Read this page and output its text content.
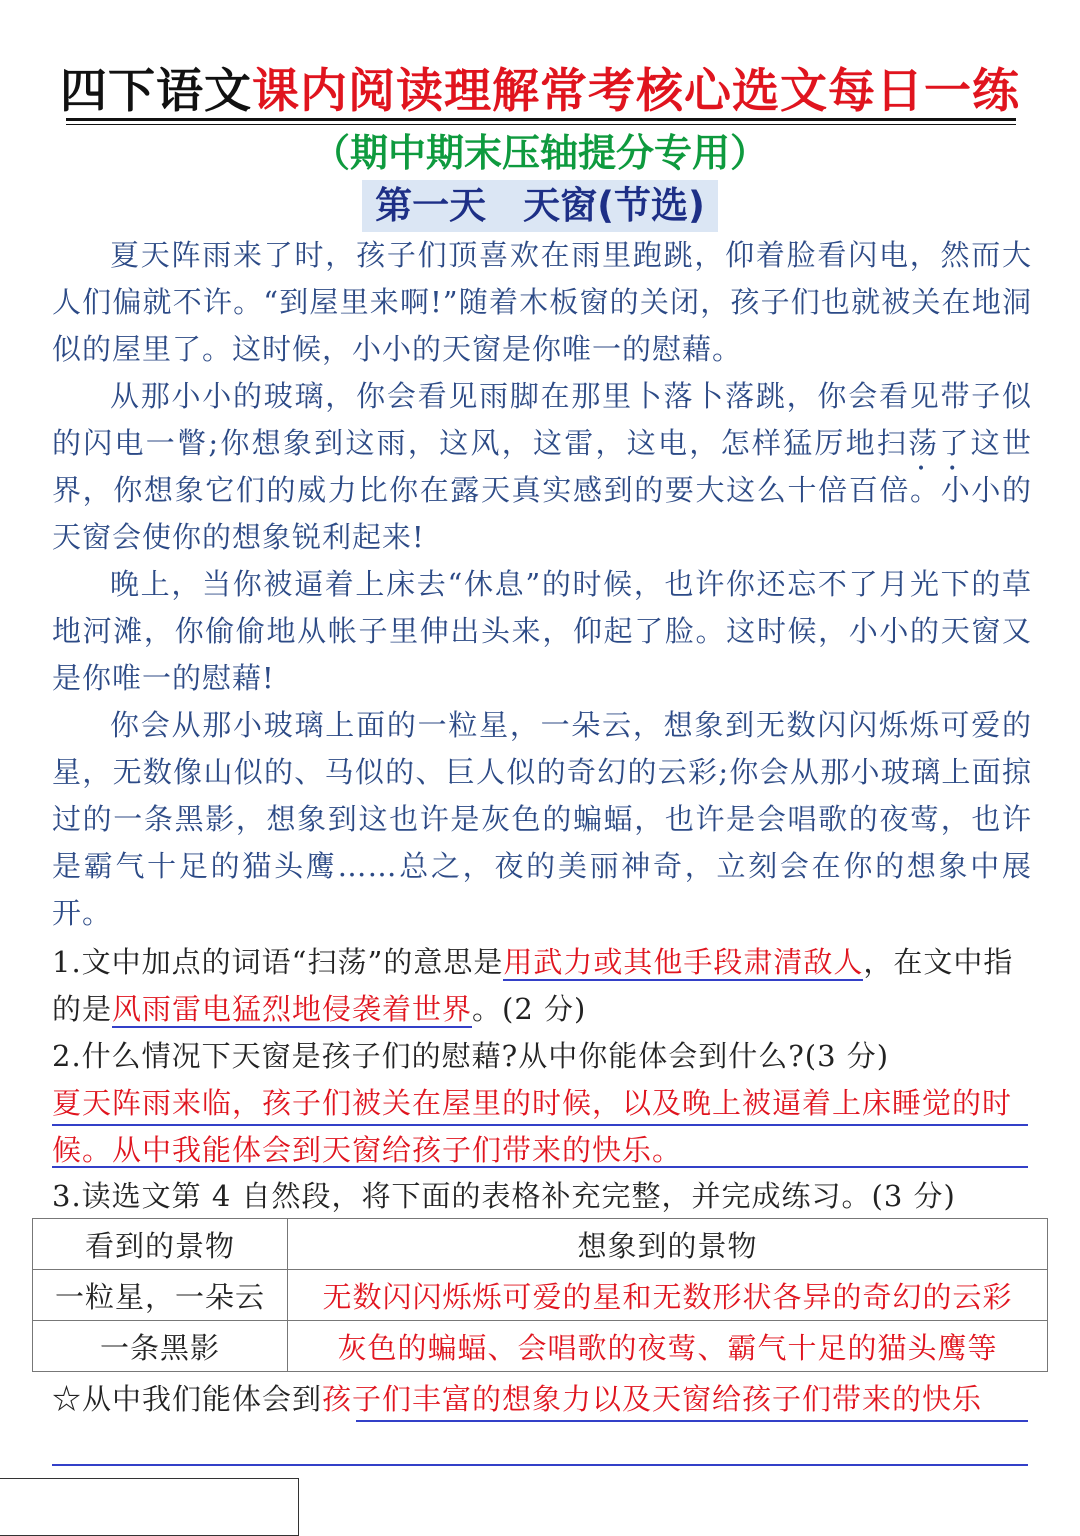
四下语文课内阅读理解常考核心选文每日一练
（期中期末压轴提分专用）
第一天　天窗(节选)

夏天阵雨来了时，孩子们顶喜欢在雨里跑跳，仰着脸看闪电，然而大人们偏就不许。“到屋里来啊!”随着木板窗的关闭，孩子们也就被关在地洞似的屋里了。这时候，小小的天窗是你唯一的慰藉。

从那小小的玻璃，你会看见雨脚在那里卜落卜落跳，你会看见带子似的闪电一瞥;你想象到这雨，这风，这雷，这电，怎样猛厉地扫荡了这世界，你想象它们的威力比你在露天真实感到的要大这么十倍百倍。小小的天窗会使你的想象锐利起来!

晚上，当你被逼着上床去“休息”的时候，也许你还忘不了月光下的草地河滩，你偷偷地从帐子里伸出头来，仰起了脸。这时候，小小的天窗又是你唯一的慰藉!

你会从那小玻璃上面的一粒星，一朵云，想象到无数闪闪烁烁可爱的星，无数像山似的、马似的、巨人似的奇幻的云彩;你会从那小玻璃上面掠过的一条黑影，想象到这也许是灰色的蝙蝠，也许是会唱歌的夜莺，也许是霸气十足的猫头鹰……总之，夜的美丽神奇，立刻会在你的想象中展开。

1.文中加点的词语“扫荡”的意思是用武力或其他手段肃清敌人，在文中指的是风雨雷电猛烈地侵袭着世界。(2 分)
2.什么情况下天窗是孩子们的慰藉?从中你能体会到什么?(3 分)
夏天阵雨来临，孩子们被关在屋里的时候，以及晚上被逼着上床睡觉的时候。从中我能体会到天窗给孩子们带来的快乐。
3.读选文第 4 自然段，将下面的表格补充完整，并完成练习。(3 分)
看到的景物	想象到的景物
一粒星，一朵云	无数闪闪烁烁可爱的星和无数形状各异的奇幻的云彩
一条黑影	灰色的蝙蝠、会唱歌的夜莺、霸气十足的猫头鹰等
☆从中我们能体会到孩子们丰富的想象力以及天窗给孩子们带来的快乐
